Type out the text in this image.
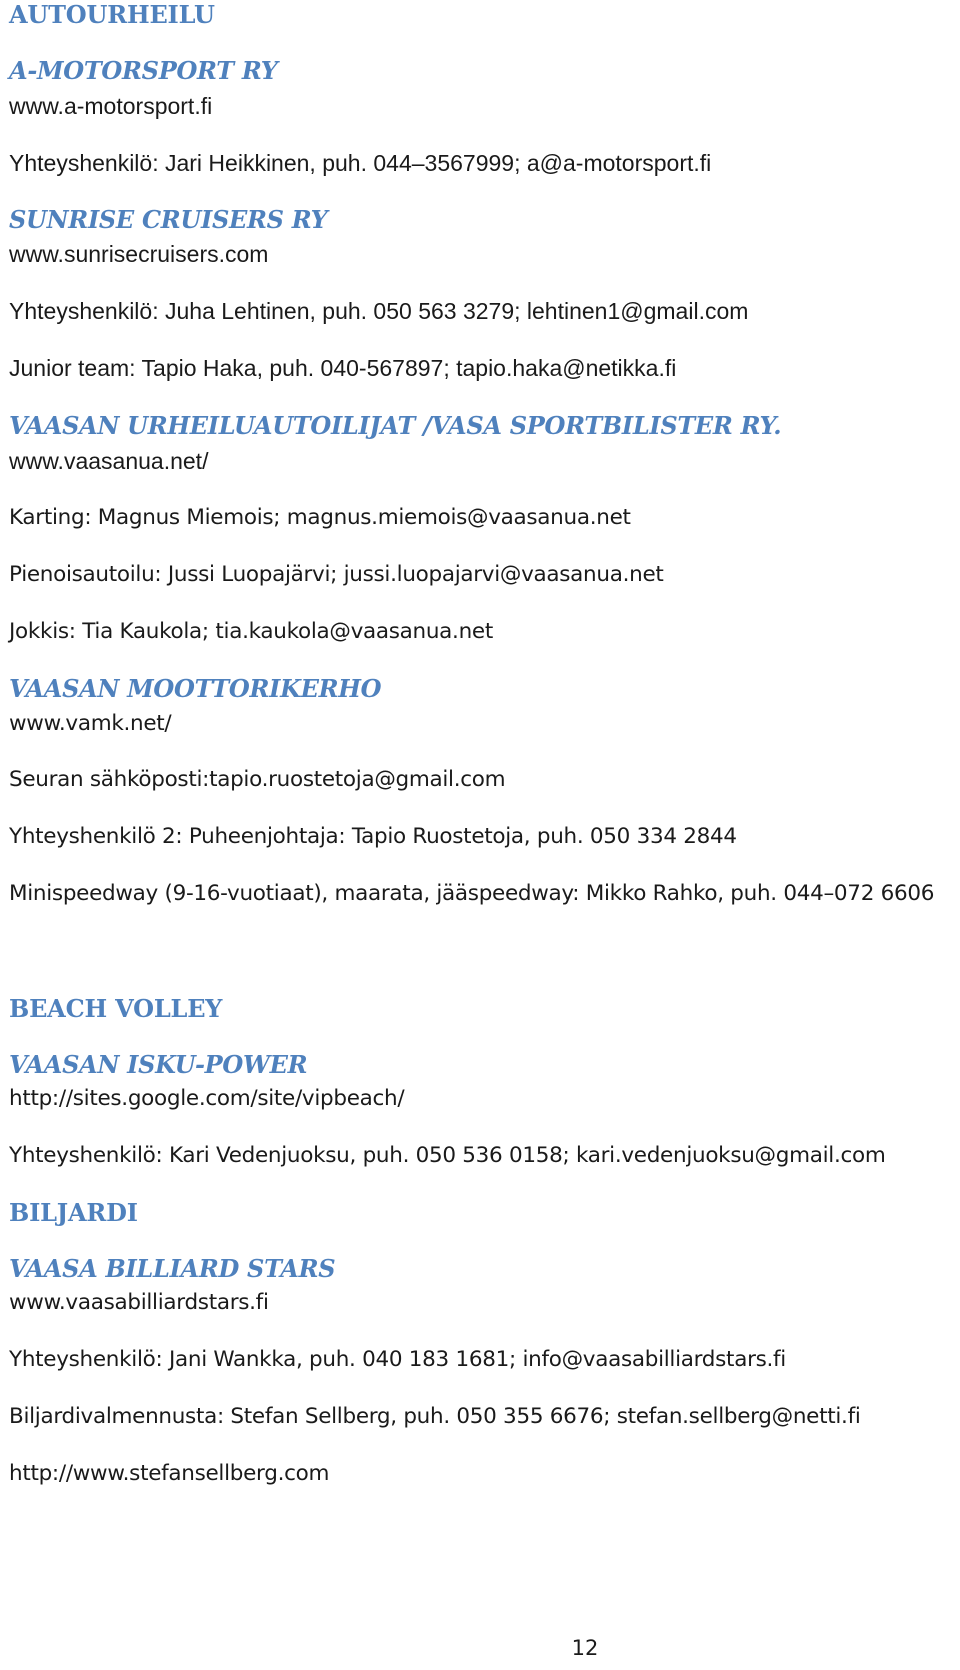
AUTOURHEILU
A-MOTORSPORT RY
www.a-motorsport.fi
Yhteyshenkilö: Jari Heikkinen, puh. 044–3567999; a@a-motorsport.fi
SUNRISE CRUISERS RY
www.sunrisecruisers.com
Yhteyshenkilö: Juha Lehtinen, puh. 050 563 3279; lehtinen1@gmail.com
Junior team: Tapio Haka, puh. 040-567897; tapio.haka@netikka.fi
VAASAN URHEILUAUTOILIJAT /VASA SPORTBILISTER RY.
www.vaasanua.net/
Karting: Magnus Miemois; magnus.miemois@vaasanua.net
Pienoisautoilu: Jussi Luopajärvi; jussi.luopajarvi@vaasanua.net
Jokkis: Tia Kaukola; tia.kaukola@vaasanua.net
VAASAN MOOTTORIKERHO
www.vamk.net/
Seuran sähköposti:tapio.ruostetoja@gmail.com
Yhteyshenkilö 2: Puheenjohtaja: Tapio Ruostetoja, puh. 050 334 2844
Minispeedway (9-16-vuotiaat), maarata, jääspeedway: Mikko Rahko, puh. 044–072 6606
BEACH VOLLEY
VAASAN ISKU-POWER
http://sites.google.com/site/vipbeach/
Yhteyshenkilö: Kari Vedenjuoksu, puh. 050 536 0158; kari.vedenjuoksu@gmail.com
BILJARDI
VAASA BILLIARD STARS
www.vaasabilliardstars.fi
Yhteyshenkilö: Jani Wankka, puh. 040 183 1681; info@vaasabilliardstars.fi
Biljardivalmennusta: Stefan Sellberg, puh. 050 355 6676; stefan.sellberg@netti.fi
http://www.stefansellberg.com
12
